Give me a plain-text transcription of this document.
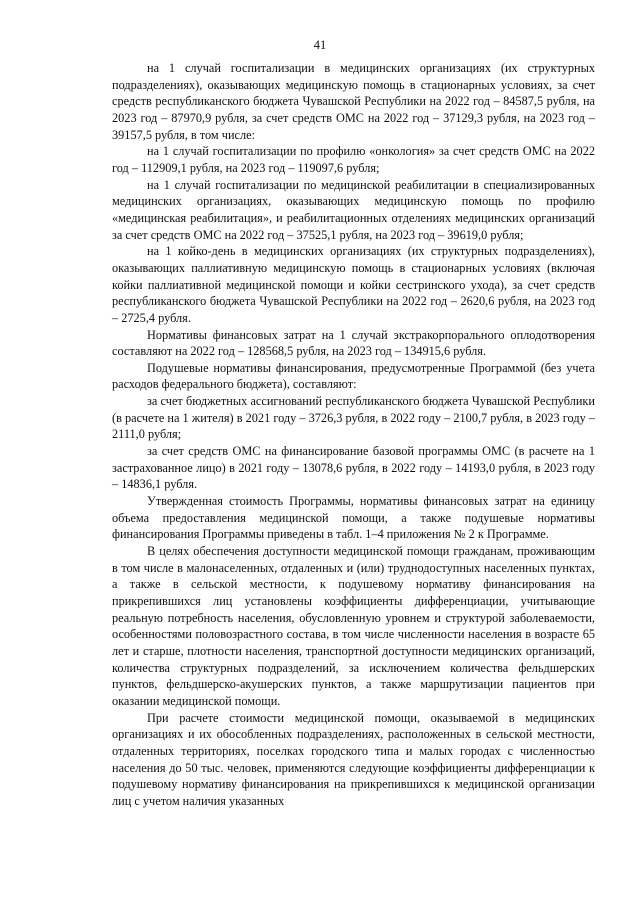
41

на 1 случай госпитализации в медицинских организациях (их структурных подразделениях), оказывающих медицинскую помощь в стационарных условиях, за счет средств республиканского бюджета Чувашской Республики на 2022 год – 84587,5 рубля, на 2023 год – 87970,9 рубля, за счет средств ОМС на 2022 год – 37129,3 рубля, на 2023 год – 39157,5 рубля, в том числе:

на 1 случай госпитализации по профилю «онкология» за счет средств ОМС на 2022 год – 112909,1 рубля, на 2023 год – 119097,6 рубля;

на 1 случай госпитализации по медицинской реабилитации в специализированных медицинских организациях, оказывающих медицинскую помощь по профилю «медицинская реабилитация», и реабилитационных отделениях медицинских организаций за счет средств ОМС на 2022 год – 37525,1 рубля, на 2023 год – 39619,0 рубля;

на 1 койко-день в медицинских организациях (их структурных подразделениях), оказывающих паллиативную медицинскую помощь в стационарных условиях (включая койки паллиативной медицинской помощи и койки сестринского ухода), за счет средств республиканского бюджета Чувашской Республики на 2022 год – 2620,6 рубля, на 2023 год – 2725,4 рубля.

Нормативы финансовых затрат на 1 случай экстракорпорального оплодотворения составляют на 2022 год – 128568,5 рубля, на 2023 год – 134915,6 рубля.

Подушевые нормативы финансирования, предусмотренные Программой (без учета расходов федерального бюджета), составляют:

за счет бюджетных ассигнований республиканского бюджета Чувашской Республики (в расчете на 1 жителя) в 2021 году – 3726,3 рубля, в 2022 году – 2100,7 рубля, в 2023 году – 2111,0 рубля;

за счет средств ОМС на финансирование базовой программы ОМС (в расчете на 1 застрахованное лицо) в 2021 году – 13078,6 рубля, в 2022 году – 14193,0 рубля, в 2023 году – 14836,1 рубля.

Утвержденная стоимость Программы, нормативы финансовых затрат на единицу объема предоставления медицинской помощи, а также подушевые нормативы финансирования Программы приведены в табл. 1–4 приложения № 2 к Программе.

В целях обеспечения доступности медицинской помощи гражданам, проживающим в том числе в малонаселенных, отдаленных и (или) труднодоступных населенных пунктах, а также в сельской местности, к подушевому нормативу финансирования на прикрепившихся лиц установлены коэффициенты дифференциации, учитывающие реальную потребность населения, обусловленную уровнем и структурой заболеваемости, особенностями половозрастного состава, в том числе численности населения в возрасте 65 лет и старше, плотности населения, транспортной доступности медицинских организаций, количества структурных подразделений, за исключением количества фельдшерских пунктов, фельдшерско-акушерских пунктов, а также маршрутизации пациентов при оказании медицинской помощи.

При расчете стоимости медицинской помощи, оказываемой в медицинских организациях и их обособленных подразделениях, расположенных в сельской местности, отдаленных территориях, поселках городского типа и малых городах с численностью населения до 50 тыс. человек, применяются следующие коэффициенты дифференциации к подушевому нормативу финансирования на прикрепившихся к медицинской организации лиц с учетом наличия указанных
